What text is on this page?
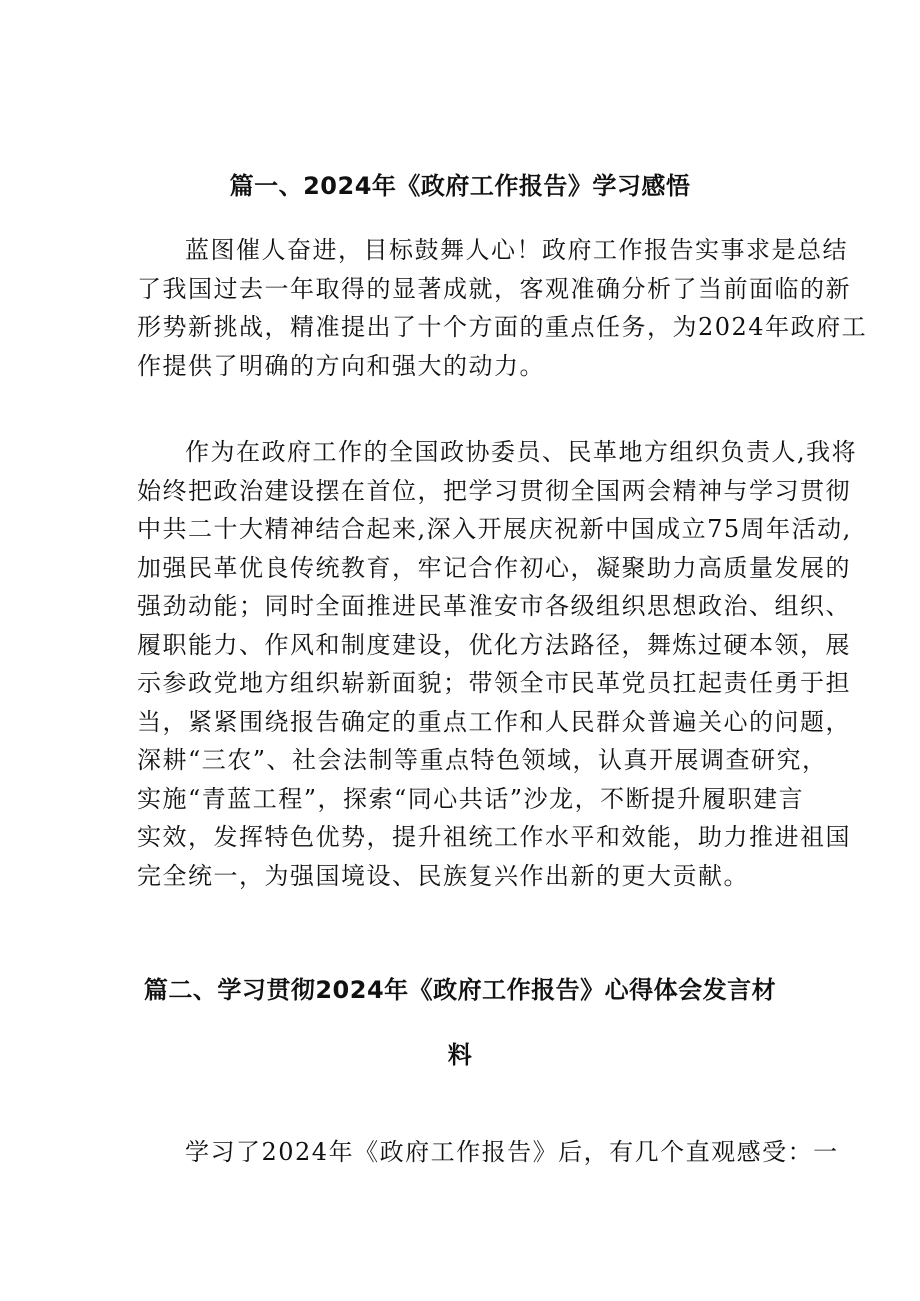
篇一、2024年《政府工作报告》学习感悟
蓝图催人奋进，目标鼓舞人心！政府工作报告实事求是总结
了我国过去一年取得的显著成就，客观准确分析了当前面临的新
形势新挑战，精准提出了十个方面的重点任务，为2024年政府工
作提供了明确的方向和强大的动力。
作为在政府工作的全国政协委员、民革地方组织负责人,我将
始终把政治建设摆在首位，把学习贯彻全国两会精神与学习贯彻
中共二十大精神结合起来,深入开展庆祝新中国成立75周年活动,
加强民革优良传统教育，牢记合作初心，凝聚助力高质量发展的
强劲动能；同时全面推进民革淮安市各级组织思想政治、组织、
履职能力、作风和制度建设，优化方法路径，舞炼过硬本领，展
示参政党地方组织崭新面貌；带领全市民革党员扛起责任勇于担
当，紧紧围绕报告确定的重点工作和人民群众普遍关心的问题，
深耕“三农”、社会法制等重点特色领域，认真开展调查研究，
实施“青蓝工程”，探索“同心共话”沙龙，不断提升履职建言
实效，发挥特色优势，提升祖统工作水平和效能，助力推进祖国
完全统一，为强国境设、民族复兴作出新的更大贡献。
篇二、学习贯彻2024年《政府工作报告》心得体会发言材
料
学习了2024年《政府工作报告》后，有几个直观感受：一
